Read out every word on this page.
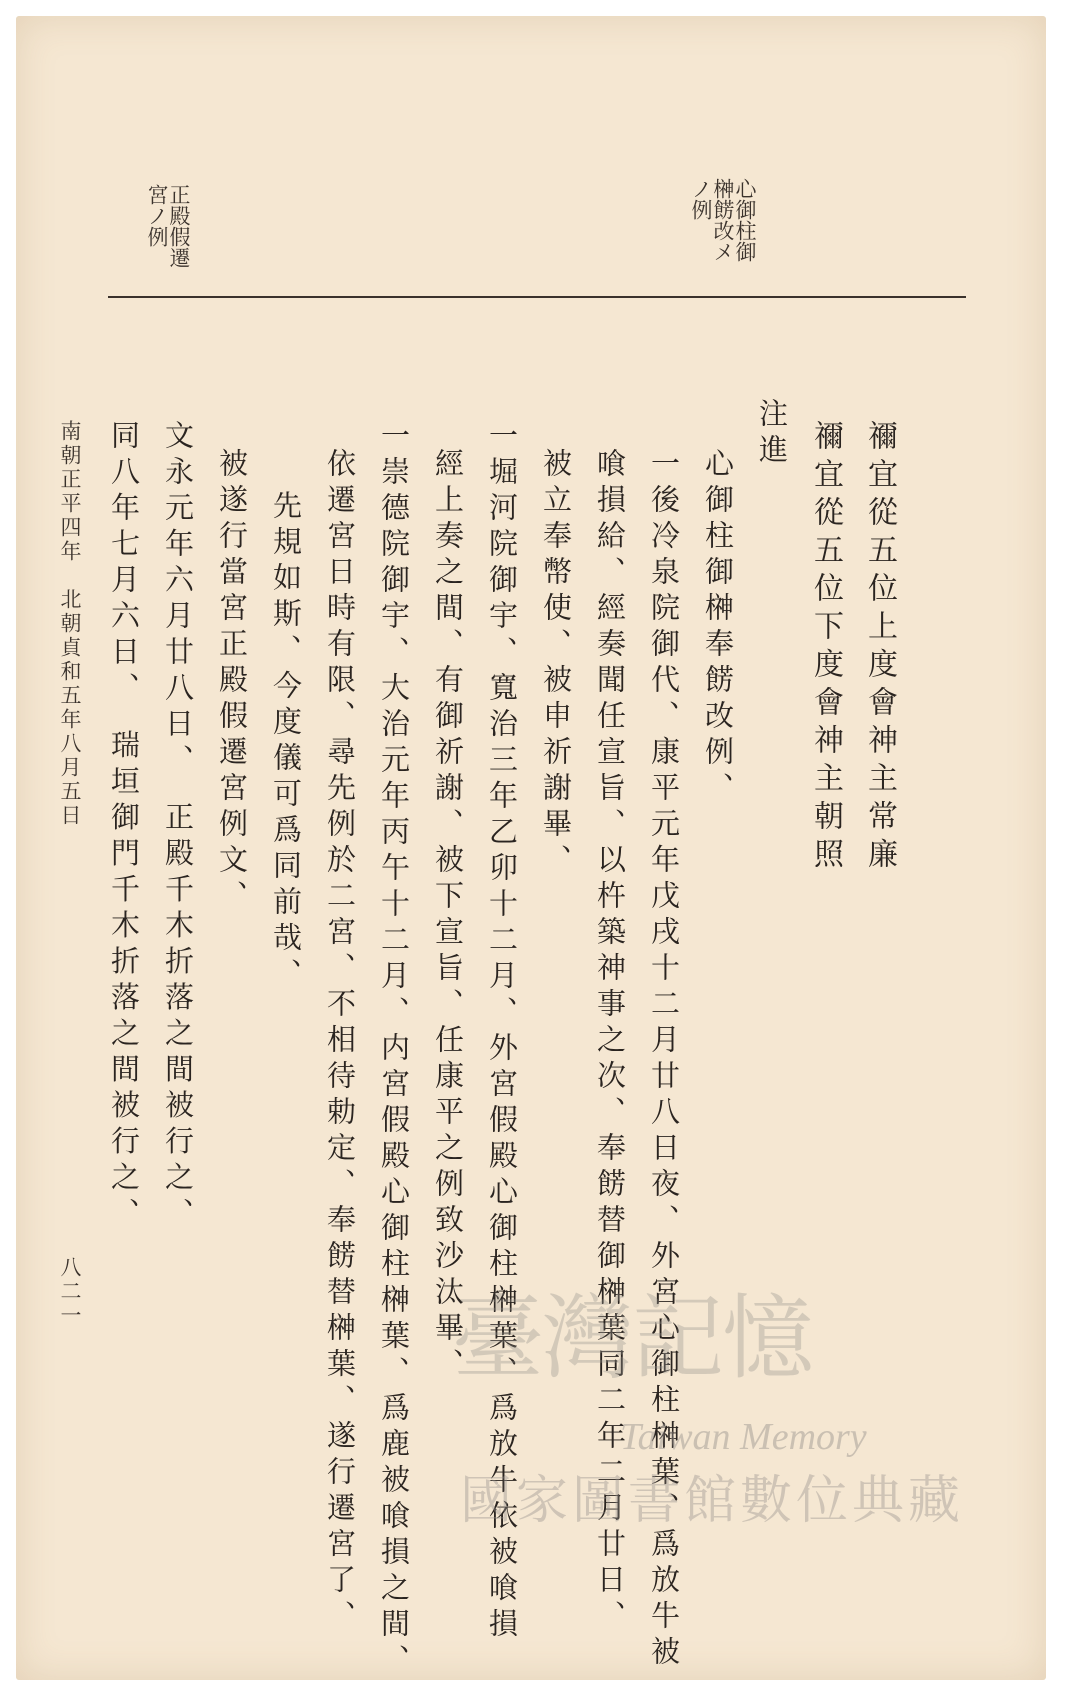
心御柱御榊餝改メノ例
正殿假遷宮ノ例
禰宜從五位上度會神主常廉
禰宜從五位下度會神主朝照
注進
心御柱御榊奉餝改例、
一後冷泉院御代、康平元年戊戌十二月廿八日夜、外宮心御柱榊葉、爲放牛被
喰損給、經奏聞任宣旨、以杵築神事之次、奉餝替御榊葉同二年二月廿日、
被立奉幣使、被申祈謝畢、
一堀河院御宇、寬治三年乙卯十二月、外宮假殿心御柱榊葉、爲放牛依被喰損
經上奏之間、有御祈謝、被下宣旨、任康平之例致沙汰畢、
一崇德院御宇、大治元年丙午十二月、内宮假殿心御柱榊葉、爲鹿被喰損之間、
依遷宮日時有限、尋先例於二宮、不相待勅定、奉餝替榊葉、遂行遷宮了、
先規如斯、今度儀可爲同前哉、
被遂行當宮正殿假遷宮例文、
文永元年六月廿八日、　正殿千木折落之間被行之、
同八年七月六日、　瑞垣御門千木折落之間被行之、
南朝正平四年　北朝貞和五年八月五日
八二一	臺灣記憶
Taiwan Memory
國家圖書館數位典藏
